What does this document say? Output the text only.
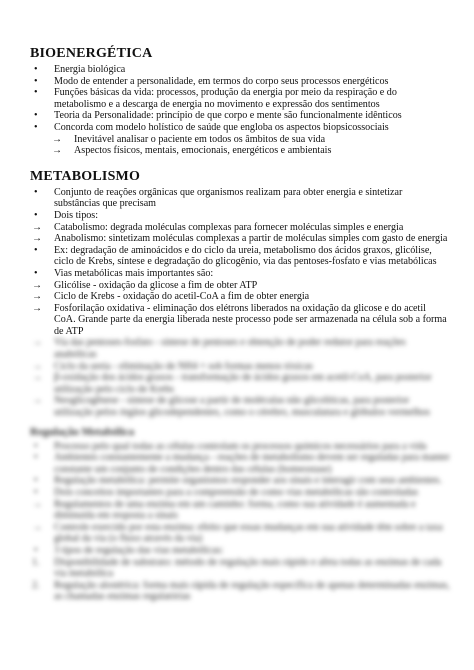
BIOENERGÉTICA
•	Energia biológica
•	Modo de entender a personalidade, em termos do corpo seus processos energéticos
•	Funções básicas da vida: processos, produção da energia por meio da respiração e do metabolismo e a descarga de energia no movimento e expressão dos sentimentos
•	Teoria da Personalidade: princípio de que corpo e mente são funcionalmente idênticos
•	Concorda com modelo holístico de saúde que engloba os aspectos biopsicossociais
→	Inevitável analisar o paciente em todos os âmbitos de sua vida
→	Aspectos físicos, mentais, emocionais, energéticos e ambientais
METABOLISMO
•	Conjunto de reações orgânicas que organismos realizam para obter energia e sintetizar substâncias que precisam
•	Dois tipos:
→	Catabolismo: degrada moléculas complexas para fornecer moléculas simples e energia
→	Anabolismo: sintetizam moléculas complexas a partir de moléculas simples com gasto de energia
•	Ex: degradação de aminoácidos e do ciclo da ureia, metabolismo dos ácidos graxos, glicólise, ciclo de Krebs, síntese e degradação do glicogênio, via das pentoses-fosfato e vias metabólicas
•	Vias metabólicas mais importantes são:
→	Glicólise - oxidação da glicose a fim de obter ATP
→	Ciclo de Krebs - oxidação do acetil-CoA a fim de obter energia
→	Fosforilação oxidativa - eliminação dos elétrons liberados na oxidação da glicose e do acetil CoA. Grande parte da energia liberada neste processo pode ser armazenada na célula sob a forma de ATP
→	Via das pentoses-fosfato - síntese de pentoses e obtenção de poder redutor para reações anabólicas
→	Ciclo da ureia - eliminação de NH4 + sob formas menos tóxicas
→	β-oxidação dos ácidos graxos - transformação de ácidos graxos em acetil-CoA, para posterior utilização pelo ciclo de Krebs
→	Neoglicogênese - síntese de glicose a partir de moléculas não glicolíticas, para posterior utilização pelos órgãos glicodependentes, como o cérebro, musculatura e glóbulos vermelhos
Regulação Metabólica
•	Processo pelo qual todas as células controlam os processos químicos necessários para a vida
•	Ambientes constantemente a mudança - reações de metabolismo devem ser reguladas para manter constante um conjunto de condições dentro das células (homeostase)
•	Regulação metabólica: permite organismos responder aos sinais e interagir com seus ambientes.
•	Dois conceitos importantes para a compreensão de como vias metabólicas são controladas
→	Regulamentos de uma enzima em um caminho: forma, como sua atividade é aumentada e diminuída em resposta a sinais
→	Controle exercido por esta enzima: efeito que essas mudanças em sua atividade têm sobre a taxa global da via (o fluxo através da via)
•	3 tipos de regulação das vias metabólicas:
1.	Disponibilidade de substrato: método de regulação mais rápido e afeta todas as enzimas de cada via metabólica
2.	Regulação alostérica: forma mais rápida de regulação específica de apenas determinadas enzimas, as chamadas enzimas regulatórias
